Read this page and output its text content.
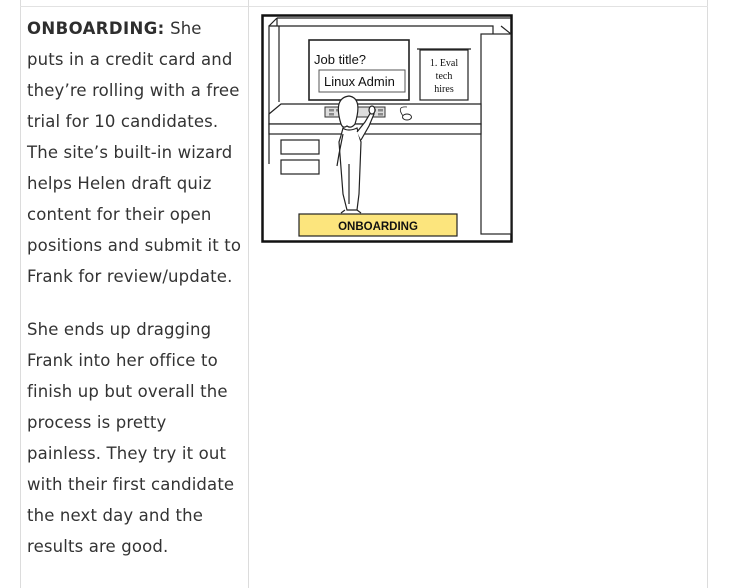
ONBOARDING: She puts in a credit card and they’re rolling with a free trial for 10 candidates. The site’s built-in wizard helps Helen draft quiz content for their open positions and submit it to Frank for review/update.

She ends up dragging Frank into her office to finish up but overall the process is pretty painless. They try it out with their first candidate the next day and the results are good.

Job title?
Linux Admin
1. Eval
tech
hires
ONBOARDING
